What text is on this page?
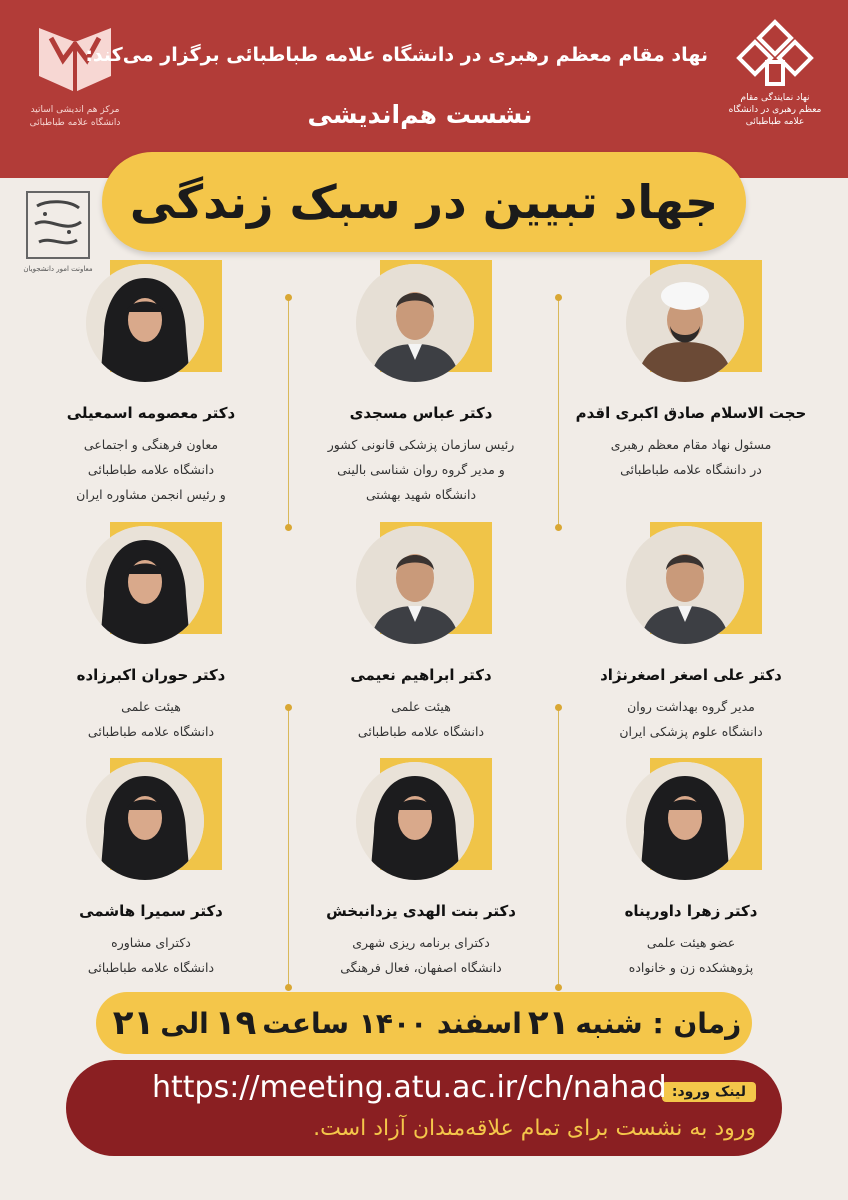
نهاد نمایندگی مقام معظم رهبری در دانشگاه علامه طباطبائی
مرکز هم اندیشی اساتید دانشگاه علامه طباطبائی
نهاد مقام معظم رهبری در دانشگاه علامه طباطبائی برگزار می‌کند:
نشست هم‌اندیشی
جهاد تبیین در سبک زندگی
معاونت امور دانشجویان
حجت الاسلام صادق اکبری اقدم
مسئول نهاد مقام معظم رهبری
در دانشگاه علامه طباطبائی
دکتر عباس مسجدی
رئیس سازمان پزشکی قانونی کشور
و مدیر گروه روان شناسی بالینی
دانشگاه شهید بهشتی
دکتر معصومه اسمعیلی
معاون فرهنگی و اجتماعی
دانشگاه علامه طباطبائی
و رئیس انجمن مشاوره ایران
دکتر علی اصغر اصغرنژاد
مدیر گروه بهداشت روان
دانشگاه علوم پزشکی ایران
دکتر ابراهیم نعیمی
هیئت علمی
دانشگاه علامه طباطبائی
دکتر حوران اکبرزاده
هیئت علمی
دانشگاه علامه طباطبائی
دکتر زهرا داورپناه
عضو هیئت علمی
پژوهشکده زن و خانواده
دکتر بنت الهدی یزدانبخش
دکترای برنامه ریزی شهری
دانشگاه اصفهان، فعال فرهنگی
دکتر سمیرا هاشمی
دکترای مشاوره
دانشگاه علامه طباطبائی
زمان : شنبه
۲۱
اسفند ۱۴۰۰ ساعت
۱۹
الی
۲۱
لینک ورود:
https://meeting.atu.ac.ir/ch/nahad
ورود به نشست برای تمام علاقه‌مندان آزاد است.
